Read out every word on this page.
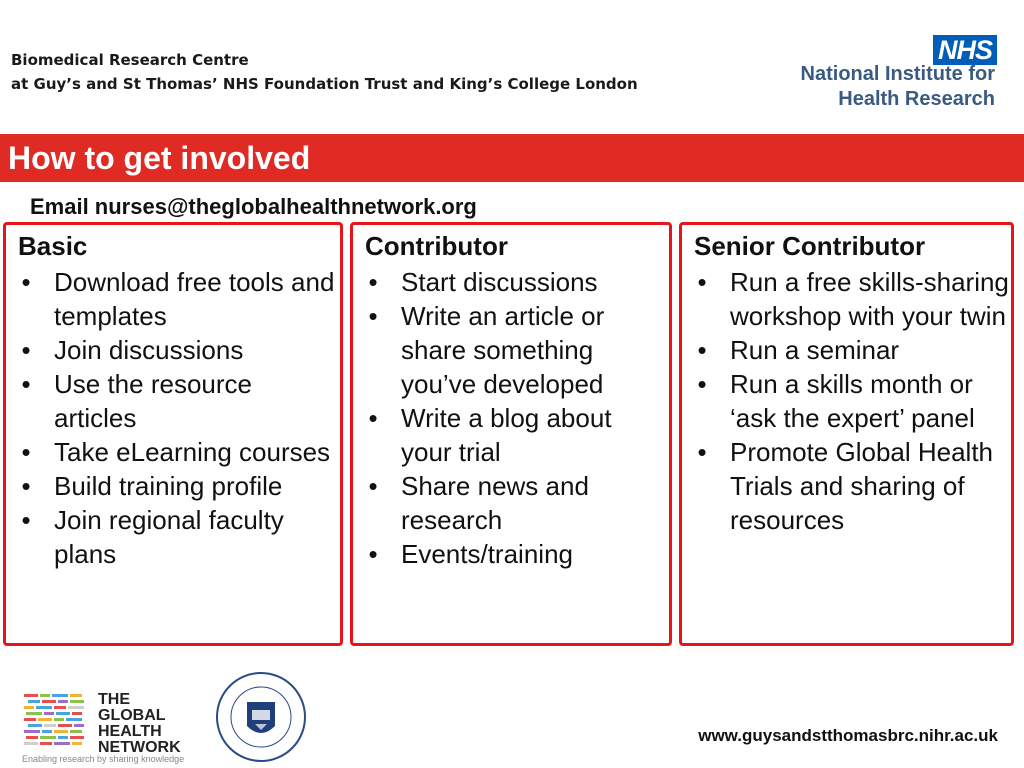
Biomedical Research Centre
at Guy’s and St Thomas’ NHS Foundation Trust and King’s College London
NHS
National Institute for
Health Research
How to get involved
Email nurses@theglobalhealthnetwork.org
Basic
• Download free tools and templates
• Join discussions
• Use the resource articles
• Take eLearning courses
• Build training profile
• Join regional faculty plans
Contributor
• Start discussions
• Write an article or share something you’ve developed
• Write a blog about your trial
• Share news and research
• Events/training
Senior Contributor
• Run a free skills-sharing workshop with your twin
• Run a seminar
• Run a skills month or ‘ask the expert’ panel
• Promote Global Health Trials and sharing of resources
THE
GLOBAL
HEALTH
NETWORK
Enabling research by sharing knowledge
www.guysandstthomasbrc.nihr.ac.uk
